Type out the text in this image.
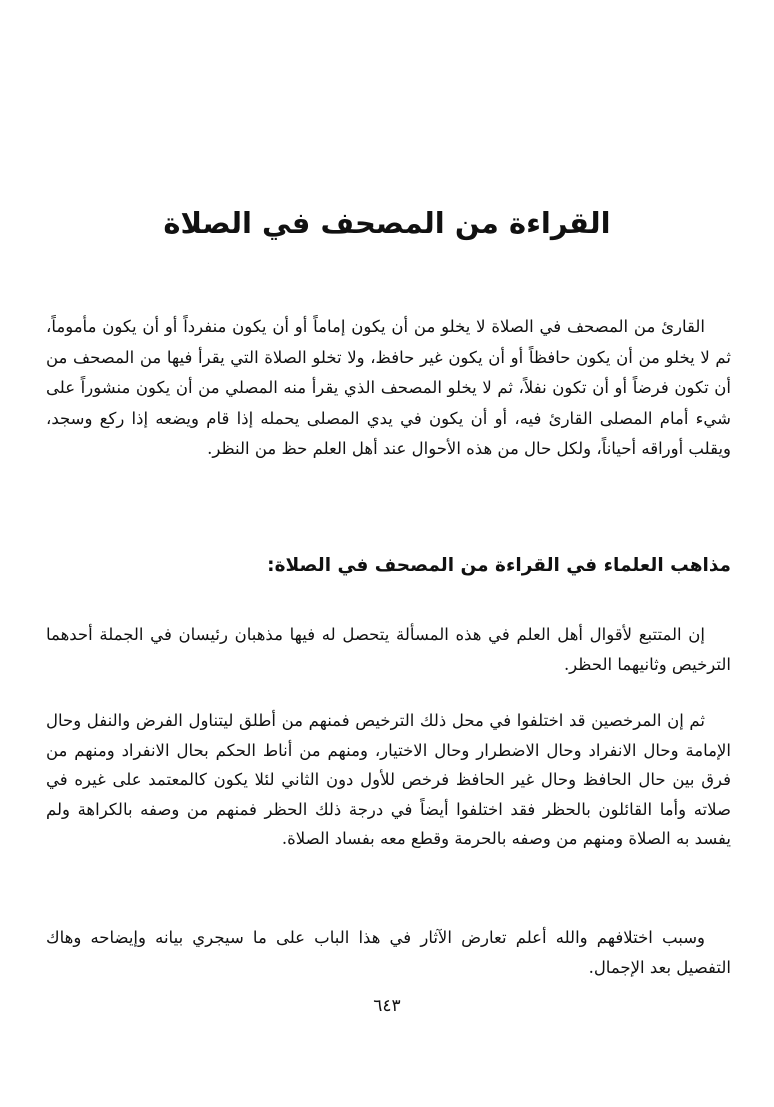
القراءة من المصحف في الصلاة

القارئ من المصحف في الصلاة لا يخلو من أن يكون إماماً أو أن يكون منفرداً أو أن يكون مأموماً، ثم لا يخلو من أن يكون حافظاً أو أن يكون غير حافظ، ولا تخلو الصلاة التي يقرأ فيها من المصحف من أن تكون فرضاً أو أن تكون نفلاً، ثم لا يخلو المصحف الذي يقرأ منه المصلي من أن يكون منشوراً على شيء أمام المصلى القارئ فيه، أو أن يكون في يدي المصلى يحمله إذا قام ويضعه إذا ركع وسجد، ويقلب أوراقه أحياناً، ولكل حال من هذه الأحوال عند أهل العلم حظ من النظر.

مذاهب العلماء في القراءة من المصحف في الصلاة:

إن المتتبع لأقوال أهل العلم في هذه المسألة يتحصل له فيها مذهبان رئيسان في الجملة أحدهما الترخيص وثانيهما الحظر.

ثم إن المرخصين قد اختلفوا في محل ذلك الترخيص فمنهم من أطلق ليتناول الفرض والنفل وحال الإمامة وحال الانفراد وحال الاضطرار وحال الاختيار، ومنهم من أناط الحكم بحال الانفراد ومنهم من فرق بين حال الحافظ وحال غير الحافظ فرخص للأول دون الثاني لئلا يكون كالمعتمد على غيره في صلاته وأما القائلون بالحظر فقد اختلفوا أيضاً في درجة ذلك الحظر فمنهم من وصفه بالكراهة ولم يفسد به الصلاة ومنهم من وصفه بالحرمة وقطع معه بفساد الصلاة.

وسبب اختلافهم والله أعلم تعارض الآثار في هذا الباب على ما سيجري بيانه وإيضاحه وهاك التفصيل بعد الإجمال.

٦٤٣
